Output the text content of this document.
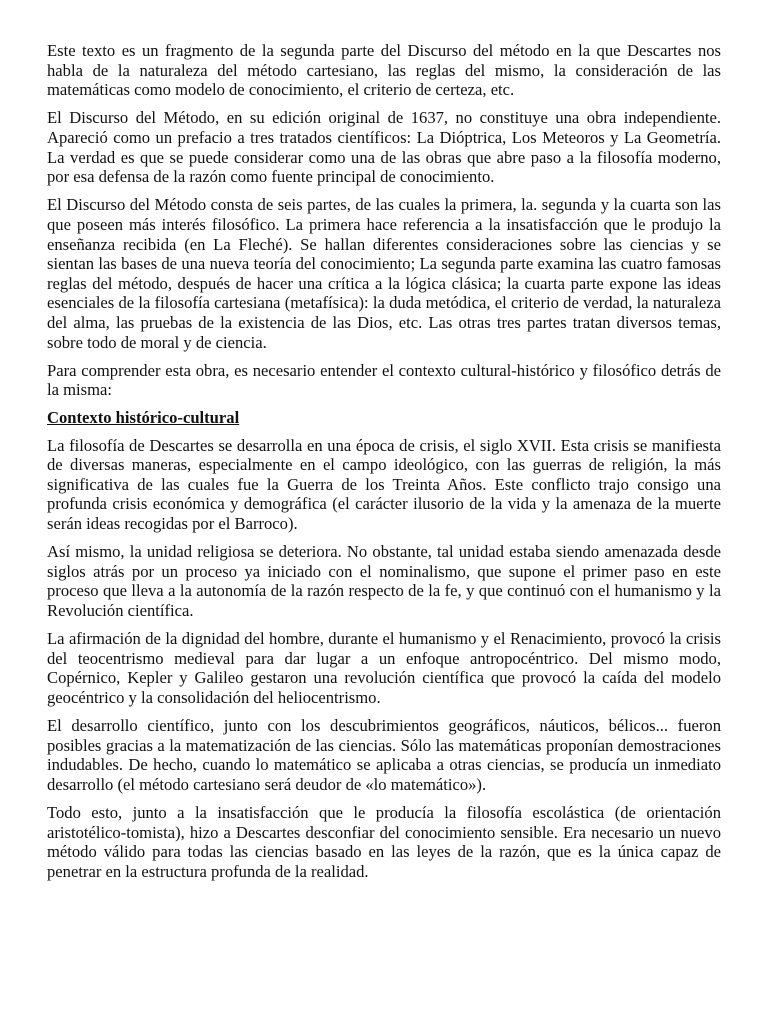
Este texto es un fragmento de la segunda parte del Discurso del método en la que Descartes nos habla de la naturaleza del método cartesiano, las reglas del mismo, la consideración de las matemáticas como modelo de conocimiento, el criterio de certeza, etc.

El Discurso del Método, en su edición original de 1637, no constituye una obra independiente. Apareció como un prefacio a tres tratados científicos: La Dióptrica, Los Meteoros y La Geometría. La verdad es que se puede considerar como una de las obras que abre paso a la filosofía moderno, por esa defensa de la razón como fuente principal de conocimiento.

El Discurso del Método consta de seis partes, de las cuales la primera, la. segunda y la cuarta son las que poseen más interés filosófico. La primera hace referencia a la insatisfacción que le produjo la enseñanza recibida (en La Fleché). Se hallan diferentes consideraciones sobre las ciencias y se sientan las bases de una nueva teoría del conocimiento; La segunda parte examina las cuatro famosas reglas del método, después de hacer una crítica a la lógica clásica; la cuarta parte expone las ideas esenciales de la filosofía cartesiana (metafísica): la duda metódica, el criterio de verdad, la naturaleza del alma, las pruebas de la existencia de las Dios, etc. Las otras tres partes tratan diversos temas, sobre todo de moral y de ciencia.

Para comprender esta obra, es necesario entender el contexto cultural-histórico y filosófico detrás de la misma:

Contexto histórico-cultural

La filosofía de Descartes se desarrolla en una época de crisis, el siglo XVII. Esta crisis se manifiesta de diversas maneras, especialmente en el campo ideológico, con las guerras de religión, la más significativa de las cuales fue la Guerra de los Treinta Años. Este conflicto trajo consigo una profunda crisis económica y demográfica (el carácter ilusorio de la vida y la amenaza de la muerte serán ideas recogidas por el Barroco).

Así mismo, la unidad religiosa se deteriora. No obstante, tal unidad estaba siendo amenazada desde siglos atrás por un proceso ya iniciado con el nominalismo, que supone el primer paso en este proceso que lleva a la autonomía de la razón respecto de la fe, y que continuó con el humanismo y la Revolución científica.

La afirmación de la dignidad del hombre, durante el humanismo y el Renacimiento, provocó la crisis del teocentrismo medieval para dar lugar a un enfoque antropocéntrico. Del mismo modo, Copérnico, Kepler y Galileo gestaron una revolución científica que provocó la caída del modelo geocéntrico y la consolidación del heliocentrismo.

El desarrollo científico, junto con los descubrimientos geográficos, náuticos, bélicos... fueron posibles gracias a la matematización de las ciencias. Sólo las matemáticas proponían demostraciones indudables. De hecho, cuando lo matemático se aplicaba a otras ciencias, se producía un inmediato desarrollo (el método cartesiano será deudor de «lo matemático»).

Todo esto, junto a la insatisfacción que le producía la filosofía escolástica (de orientación aristotélico-tomista), hizo a Descartes desconfiar del conocimiento sensible. Era necesario un nuevo método válido para todas las ciencias basado en las leyes de la razón, que es la única capaz de penetrar en la estructura profunda de la realidad.
